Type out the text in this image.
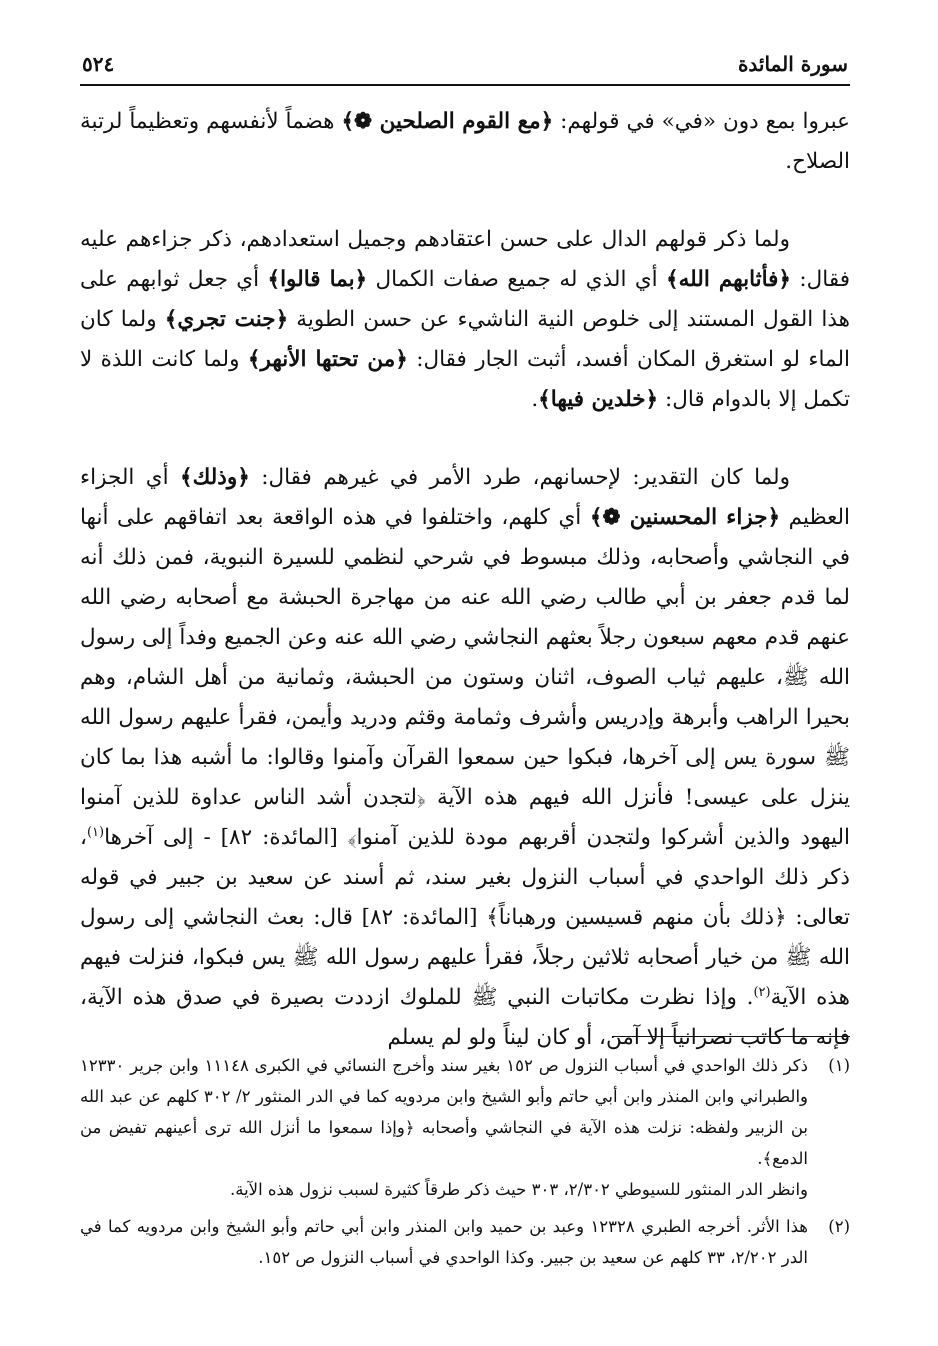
سورة المائدة
٥٢٤

عبروا بمع دون «في» في قولهم: ﴿مع القوم الصلحين ❁﴾ هضماً لأنفسهم وتعظيماً لرتبة الصلاح.

ولما ذكر قولهم الدال على حسن اعتقادهم وجميل استعدادهم، ذكر جزاءهم عليه فقال: ﴿فأثابهم الله﴾ أي الذي له جميع صفات الكمال ﴿بما قالوا﴾ أي جعل ثوابهم على هذا القول المستند إلى خلوص النية الناشيء عن حسن الطوية ﴿جنت تجري﴾ ولما كان الماء لو استغرق المكان أفسد، أثبت الجار فقال: ﴿من تحتها الأنهر﴾ ولما كانت اللذة لا تكمل إلا بالدوام قال: ﴿خلدين فيها﴾.

ولما كان التقدير: لإحسانهم، طرد الأمر في غيرهم فقال: ﴿وذلك﴾ أي الجزاء العظيم ﴿جزاء المحسنين ❁﴾ أي كلهم، واختلفوا في هذه الواقعة بعد اتفاقهم على أنها في النجاشي وأصحابه، وذلك مبسوط في شرحي لنظمي للسيرة النبوية، فمن ذلك أنه لما قدم جعفر بن أبي طالب رضي الله عنه من مهاجرة الحبشة مع أصحابه رضي الله عنهم قدم معهم سبعون رجلاً بعثهم النجاشي رضي الله عنه وعن الجميع وفداً إلى رسول الله ﷺ، عليهم ثياب الصوف، اثنان وستون من الحبشة، وثمانية من أهل الشام، وهم بحيرا الراهب وأبرهة وإدريس وأشرف وثمامة وقثم ودريد وأيمن، فقرأ عليهم رسول الله ﷺ سورة يس إلى آخرها، فبكوا حين سمعوا القرآن وآمنوا وقالوا: ما أشبه هذا بما كان ينزل على عيسى! فأنزل الله فيهم هذه الآية ﴿لتجدن أشد الناس عداوة للذين آمنوا اليهود والذين أشركوا ولتجدن أقربهم مودة للذين آمنوا﴾ [المائدة: ٨٢] - إلى آخرها$^{(١)}$، ذكر ذلك الواحدي في أسباب النزول بغير سند، ثم أسند عن سعيد بن جبير في قوله تعالى: ﴿ذلك بأن منهم قسيسين ورهباناً﴾ [المائدة: ٨٢] قال: بعث النجاشي إلى رسول الله ﷺ من خيار أصحابه ثلاثين رجلاً، فقرأ عليهم رسول الله ﷺ يس فبكوا، فنزلت فيهم هذه الآية$^{(٢)}$. وإذا نظرت مكاتبات النبي ﷺ للملوك ازددت بصيرة في صدق هذه الآية، فإنه ما كاتب نصرانياً إلا آمن، أو كان ليناً ولو لم يسلم

(١)

ذكر ذلك الواحدي في أسباب النزول ص ١٥٢ بغير سند وأخرج النسائي في الكبرى ١١١٤٨ وابن جرير ١٢٣٣٠ والطبراني وابن المنذر وابن أبي حاتم وأبو الشيخ وابن مردويه كما في الدر المنثور ٢/ ٣٠٢ كلهم عن عبد الله بن الزبير ولفظه: نزلت هذه الآية في النجاشي وأصحابه ﴿وإذا سمعوا ما أنزل الله ترى أعينهم تفيض من الدمع﴾.

وانظر الدر المنثور للسيوطي ٢/٣٠٢، ٣٠٣ حيث ذكر طرقاً كثيرة لسبب نزول هذه الآية.

(٢)

هذا الأثر. أخرجه الطبري ١٢٣٢٨ وعبد بن حميد وابن المنذر وابن أبي حاتم وأبو الشيخ وابن مردويه كما في الدر ٢/٢٠٢، ٣٣ كلهم عن سعيد بن جبير. وكذا الواحدي في أسباب النزول ص ١٥٢.
